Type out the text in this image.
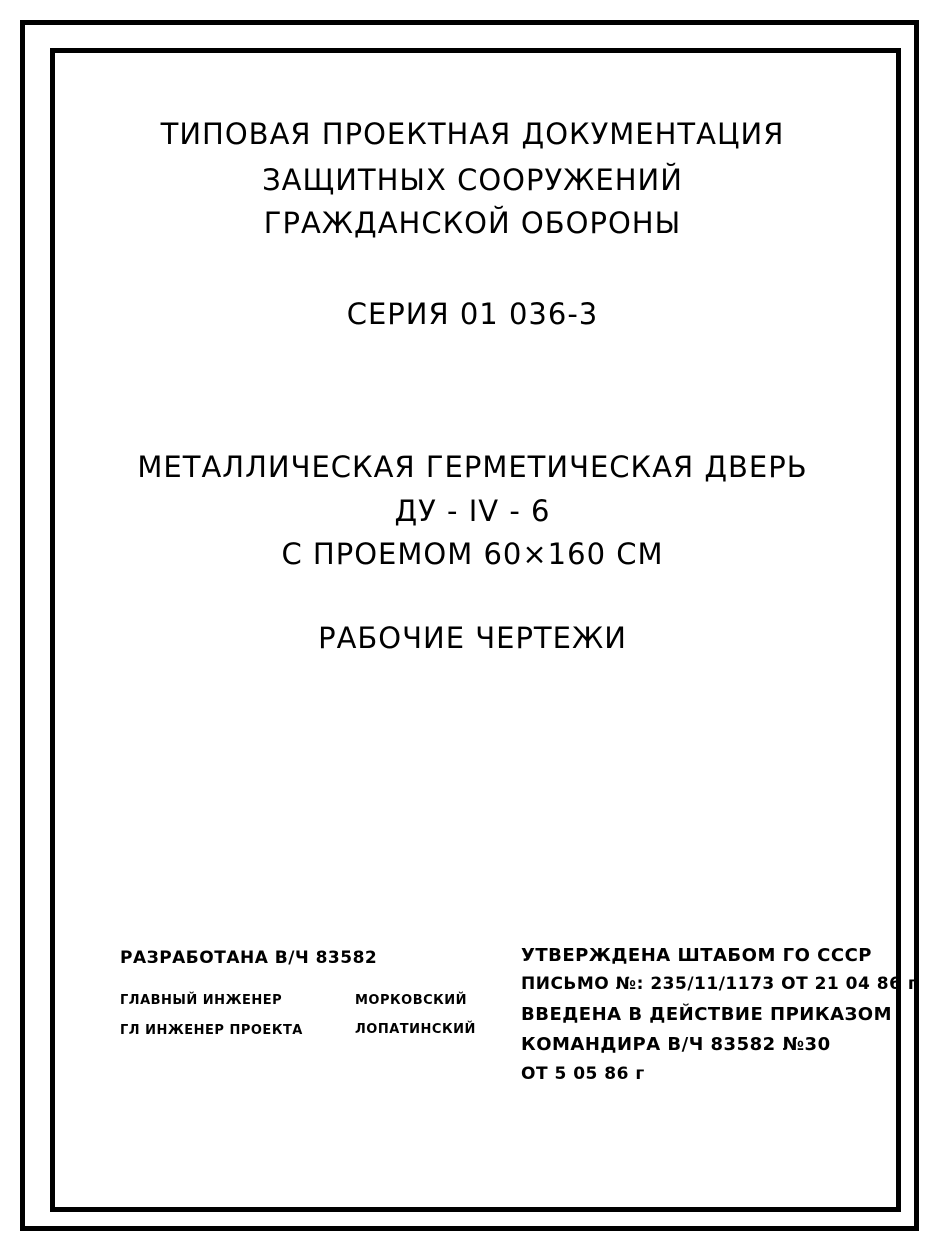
ТИПОВАЯ ПРОЕКТНАЯ ДОКУМЕНТАЦИЯ
ЗАЩИТНЫХ СООРУЖЕНИЙ
ГРАЖДАНСКОЙ ОБОРОНЫ
СЕРИЯ 01 036-3
МЕТАЛЛИЧЕСКАЯ ГЕРМЕТИЧЕСКАЯ ДВЕРЬ
ДУ - IV - 6
С ПРОЕМОМ 60×160 СМ
РАБОЧИЕ ЧЕРТЕЖИ
РАЗРАБОТАНА В/Ч 83582
ГЛАВНЫЙ ИНЖЕНЕР	МОРКОВСКИЙ
ГЛ ИНЖЕНЕР ПРОЕКТА	ЛОПАТИНСКИЙ
УТВЕРЖДЕНА ШТАБОМ ГО СССР
ПИСЬМО №: 235/11/1173 ОТ 21 04 86 г
ВВЕДЕНА В ДЕЙСТВИЕ ПРИКАЗОМ
КОМАНДИРА В/Ч 83582 №30
ОТ 5 05 86 г
